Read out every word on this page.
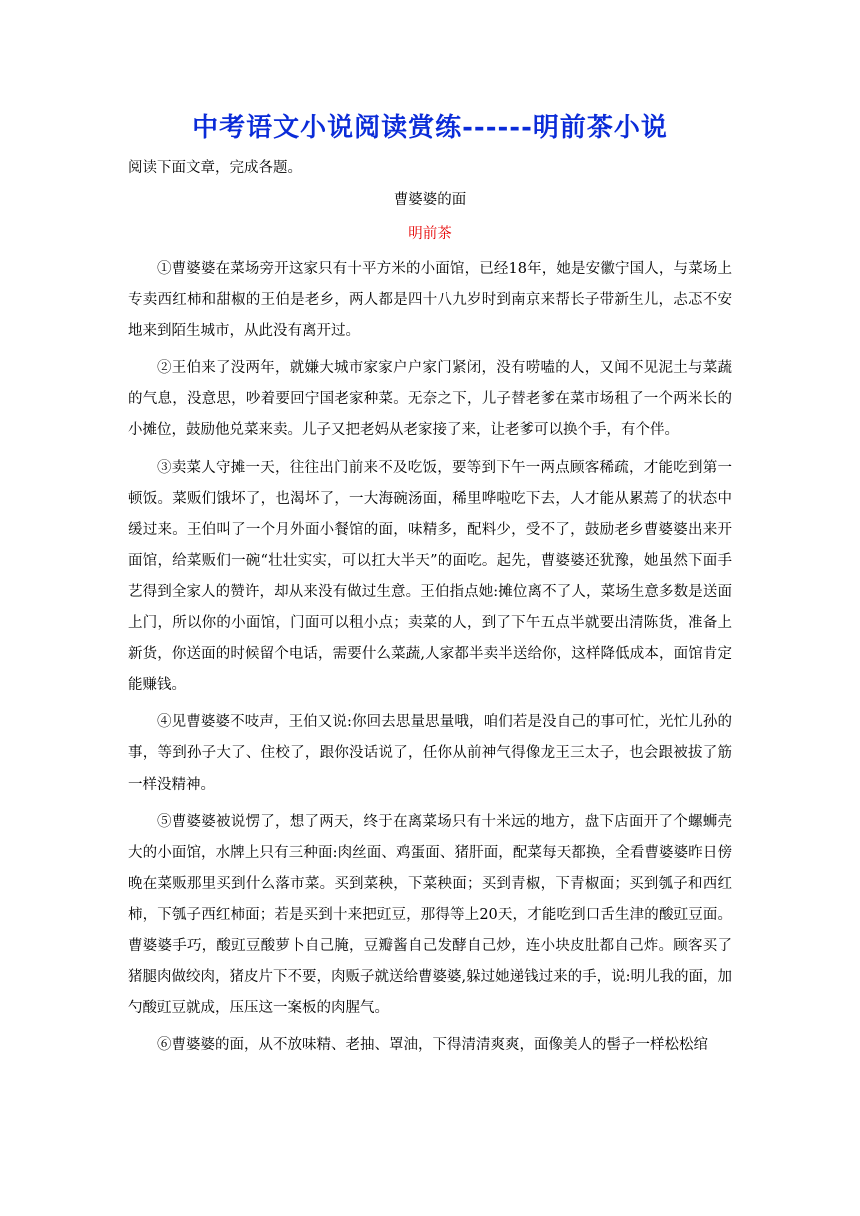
中考语文小说阅读赏练------明前茶小说
阅读下面文章，完成各题。
曹婆婆的面
明前茶

①曹婆婆在菜场旁开这家只有十平方米的小面馆，已经18年，她是安徽宁国人，与菜场上专卖西红柿和甜椒的王伯是老乡，两人都是四十八九岁时到南京来帮长子带新生儿，忐忑不安地来到陌生城市，从此没有离开过。

②王伯来了没两年，就嫌大城市家家户户家门紧闭，没有唠嗑的人，又闻不见泥土与菜蔬的气息，没意思，吵着要回宁国老家种菜。无奈之下，儿子替老爹在菜市场租了一个两米长的小摊位，鼓励他兑菜来卖。儿子又把老妈从老家接了来，让老爹可以换个手，有个伴。

③卖菜人守摊一天，往往出门前来不及吃饭，要等到下午一两点顾客稀疏，才能吃到第一顿饭。菜贩们饿坏了，也渴坏了，一大海碗汤面，稀里哗啦吃下去，人才能从累蔫了的状态中缓过来。王伯叫了一个月外面小餐馆的面，味精多，配料少，受不了，鼓励老乡曹婆婆出来开面馆，给菜贩们一碗“壮壮实实，可以扛大半天”的面吃。起先，曹婆婆还犹豫，她虽然下面手艺得到全家人的赞许，却从来没有做过生意。王伯指点她:摊位离不了人，菜场生意多数是送面上门，所以你的小面馆，门面可以租小点；卖菜的人，到了下午五点半就要出清陈货，准备上新货，你送面的时候留个电话，需要什么菜蔬,人家都半卖半送给你，这样降低成本，面馆肯定能赚钱。

④见曹婆婆不吱声，王伯又说:你回去思量思量哦，咱们若是没自己的事可忙，光忙儿孙的事，等到孙子大了、住校了，跟你没话说了，任你从前神气得像龙王三太子，也会跟被拔了筋一样没精神。

⑤曹婆婆被说愣了，想了两天，终于在离菜场只有十米远的地方，盘下店面开了个螺蛳壳大的小面馆，水牌上只有三种面:肉丝面、鸡蛋面、猪肝面，配菜每天都换，全看曹婆婆昨日傍晚在菜贩那里买到什么落市菜。买到菜秧，下菜秧面；买到青椒，下青椒面；买到瓠子和西红柿，下瓠子西红柿面；若是买到十来把豇豆，那得等上20天，才能吃到口舌生津的酸豇豆面。曹婆婆手巧，酸豇豆酸萝卜自己腌，豆瓣酱自己发酵自己炒，连小块皮肚都自己炸。顾客买了猪腿肉做绞肉，猪皮片下不要，肉贩子就送给曹婆婆,躲过她递钱过来的手，说:明儿我的面，加勺酸豇豆就成，压压这一案板的肉腥气。

⑥曹婆婆的面，从不放味精、老抽、罩油，下得清清爽爽，面像美人的髻子一样松松绾
